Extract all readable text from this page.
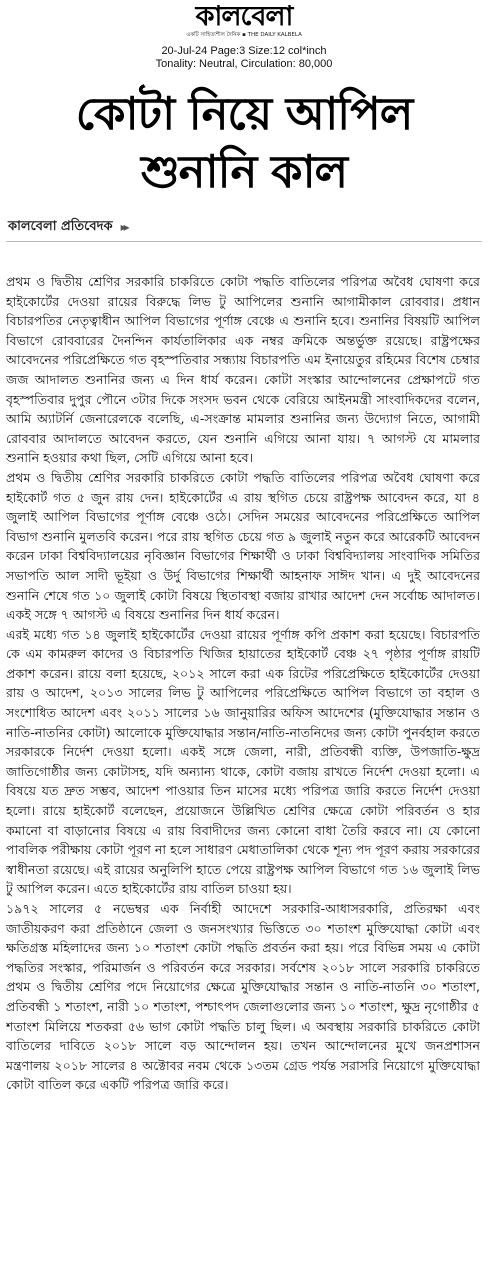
কালবেলা
একটি সাহিত্যশীল দৈনিক ▪ THE DAILY KALBELA
20-Jul-24 Page:3 Size:12 col*inch
Tonality: Neutral, Circulation: 80,000
কোটা নিয়ে আপিল
শুনানি কাল
কালবেলা প্রতিবেদক ▸▸

প্রথম ও দ্বিতীয় শ্রেণির সরকারি চাকরিতে কোটা পদ্ধতি বাতিলের পরিপত্র অবৈধ ঘোষণা করে হাইকোর্টের দেওয়া রায়ের বিরুদ্ধে লিভ টু আপিলের শুনানি আগামীকাল রোববার। প্রধান বিচারপতির নেতৃত্বাধীন আপিল বিভাগের পূর্ণাঙ্গ বেঞ্চে এ শুনানি হবে। শুনানির বিষয়টি আপিল বিভাগে রোববারের দৈনন্দিন কার্যতালিকার এক নম্বর ক্রমিকে অন্তর্ভুক্ত রয়েছে। রাষ্ট্রপক্ষের আবেদনের পরিপ্রেক্ষিতে গত বৃহস্পতিবার সন্ধ্যায় বিচারপতি এম ইনায়েতুর রহিমের বিশেষ চেম্বার জজ আদালত শুনানির জন্য এ দিন ধার্য করেন। কোটা সংস্কার আন্দোলনের প্রেক্ষাপটে গত বৃহস্পতিবার দুপুর পৌনে ৩টার দিকে সংসদ ভবন থেকে বেরিয়ে আইনমন্ত্রী সাংবাদিকদের বলেন, আমি অ্যাটর্নি জেনারেলকে বলেছি, এ-সংক্রান্ত মামলার শুনানির জন্য উদ্যোগ নিতে, আগামী রোববার আদালতে আবেদন করতে, যেন শুনানি এগিয়ে আনা যায়। ৭ আগস্ট যে মামলার শুনানি হওয়ার কথা ছিল, সেটি এগিয়ে আনা হবে।

প্রথম ও দ্বিতীয় শ্রেণির সরকারি চাকরিতে কোটা পদ্ধতি বাতিলের পরিপত্র অবৈধ ঘোষণা করে হাইকোর্ট গত ৫ জুন রায় দেন। হাইকোর্টের এ রায় স্থগিত চেয়ে রাষ্ট্রপক্ষ আবেদন করে, যা ৪ জুলাই আপিল বিভাগের পূর্ণাঙ্গ বেঞ্চে ওঠে। সেদিন সময়ের আবেদনের পরিপ্রেক্ষিতে আপিল বিভাগ শুনানি মুলতবি করেন। পরে রায় স্থগিত চেয়ে গত ৯ জুলাই নতুন করে আরেকটি আবেদন করেন ঢাকা বিশ্ববিদ্যালয়ের নৃবিজ্ঞান বিভাগের শিক্ষার্থী ও ঢাকা বিশ্ববিদ্যালয় সাংবাদিক সমিতির সভাপতি আল সাদী ভূইয়া ও উর্দু বিভাগের শিক্ষার্থী আহনাফ সাঈদ খান। এ দুই আবেদনের শুনানি শেষে গত ১০ জুলাই কোটা বিষয়ে স্থিতাবস্থা বজায় রাখার আদেশ দেন সর্বোচ্চ আদালত। একই সঙ্গে ৭ আগস্ট এ বিষয়ে শুনানির দিন ধার্য করেন।

এরই মধ্যে গত ১৪ জুলাই হাইকোর্টের দেওয়া রায়ের পূর্ণাঙ্গ কপি প্রকাশ করা হয়েছে। বিচারপতি কে এম কামরুল কাদের ও বিচারপতি খিজির হায়াতের হাইকোর্ট বেঞ্চ ২৭ পৃষ্ঠার পূর্ণাঙ্গ রায়টি প্রকাশ করেন। রায়ে বলা হয়েছে, ২০১২ সালে করা এক রিটের পরিপ্রেক্ষিতে হাইকোর্টের দেওয়া রায় ও আদেশ, ২০১৩ সালের লিভ টু আপিলের পরিপ্রেক্ষিতে আপিল বিভাগে তা বহাল ও সংশোধিত আদেশ এবং ২০১১ সালের ১৬ জানুয়ারির অফিস আদেশের (মুক্তিযোদ্ধার সন্তান ও নাতি-নাতনির কোটা) আলোকে মুক্তিযোদ্ধার সন্তান/নাতি-নাতনিদের জন্য কোটা পুনর্বহাল করতে সরকারকে নির্দেশ দেওয়া হলো। একই সঙ্গে জেলা, নারী, প্রতিবন্ধী ব্যক্তি, উপজাতি-ক্ষুদ্র জাতিগোষ্ঠীর জন্য কোটাসহ, যদি অন্যান্য থাকে, কোটা বজায় রাখতে নির্দেশ দেওয়া হলো। এ বিষয়ে যত দ্রুত সম্ভব, আদেশ পাওয়ার তিন মাসের মধ্যে পরিপত্র জারি করতে নির্দেশ দেওয়া হলো। রায়ে হাইকোর্ট বলেছেন, প্রয়োজনে উল্লিখিত শ্রেণির ক্ষেত্রে কোটা পরিবর্তন ও হার কমানো বা বাড়ানোর বিষয়ে এ রায় বিবাদীদের জন্য কোনো বাধা তৈরি করবে না। যে কোনো পাবলিক পরীক্ষায় কোটা পূরণ না হলে সাধারণ মেধাতালিকা থেকে শূন্য পদ পূরণ করায় সরকারের স্বাধীনতা রয়েছে। এই রায়ের অনুলিপি হাতে পেয়ে রাষ্ট্রপক্ষ আপিল বিভাগে গত ১৬ জুলাই লিভ টু আপিল করেন। এতে হাইকোর্টের রায় বাতিল চাওয়া হয়।

১৯৭২ সালের ৫ নভেম্বর এক নির্বাহী আদেশে সরকারি-আধাসরকারি, প্রতিরক্ষা এবং জাতীয়করণ করা প্রতিষ্ঠানে জেলা ও জনসংখ্যার ভিত্তিতে ৩০ শতাংশ মুক্তিযোদ্ধা কোটা এবং ক্ষতিগ্রস্ত মহিলাদের জন্য ১০ শতাংশ কোটা পদ্ধতি প্রবর্তন করা হয়। পরে বিভিন্ন সময় এ কোটা পদ্ধতির সংস্কার, পরিমার্জন ও পরিবর্তন করে সরকার। সর্বশেষ ২০১৮ সালে সরকারি চাকরিতে প্রথম ও দ্বিতীয় শ্রেণির পদে নিয়োগের ক্ষেত্রে মুক্তিযোদ্ধার সন্তান ও নাতি-নাতনি ৩০ শতাংশ, প্রতিবন্ধী ১ শতাংশ, নারী ১০ শতাংশ, পশ্চাৎপদ জেলাগুলোর জন্য ১০ শতাংশ, ক্ষুদ্র নৃগোষ্ঠীর ৫ শতাংশ মিলিয়ে শতকরা ৫৬ ভাগ কোটা পদ্ধতি চালু ছিল। এ অবস্থায় সরকারি চাকরিতে কোটা বাতিলের দাবিতে ২০১৮ সালে বড় আন্দোলন হয়। তখন আন্দোলনের মুখে জনপ্রশাসন মন্ত্রণালয় ২০১৮ সালের ৪ অক্টোবর নবম থেকে ১৩তম গ্রেড পর্যন্ত সরাসরি নিয়োগে মুক্তিযোদ্ধা কোটা বাতিল করে একটি পরিপত্র জারি করে।
